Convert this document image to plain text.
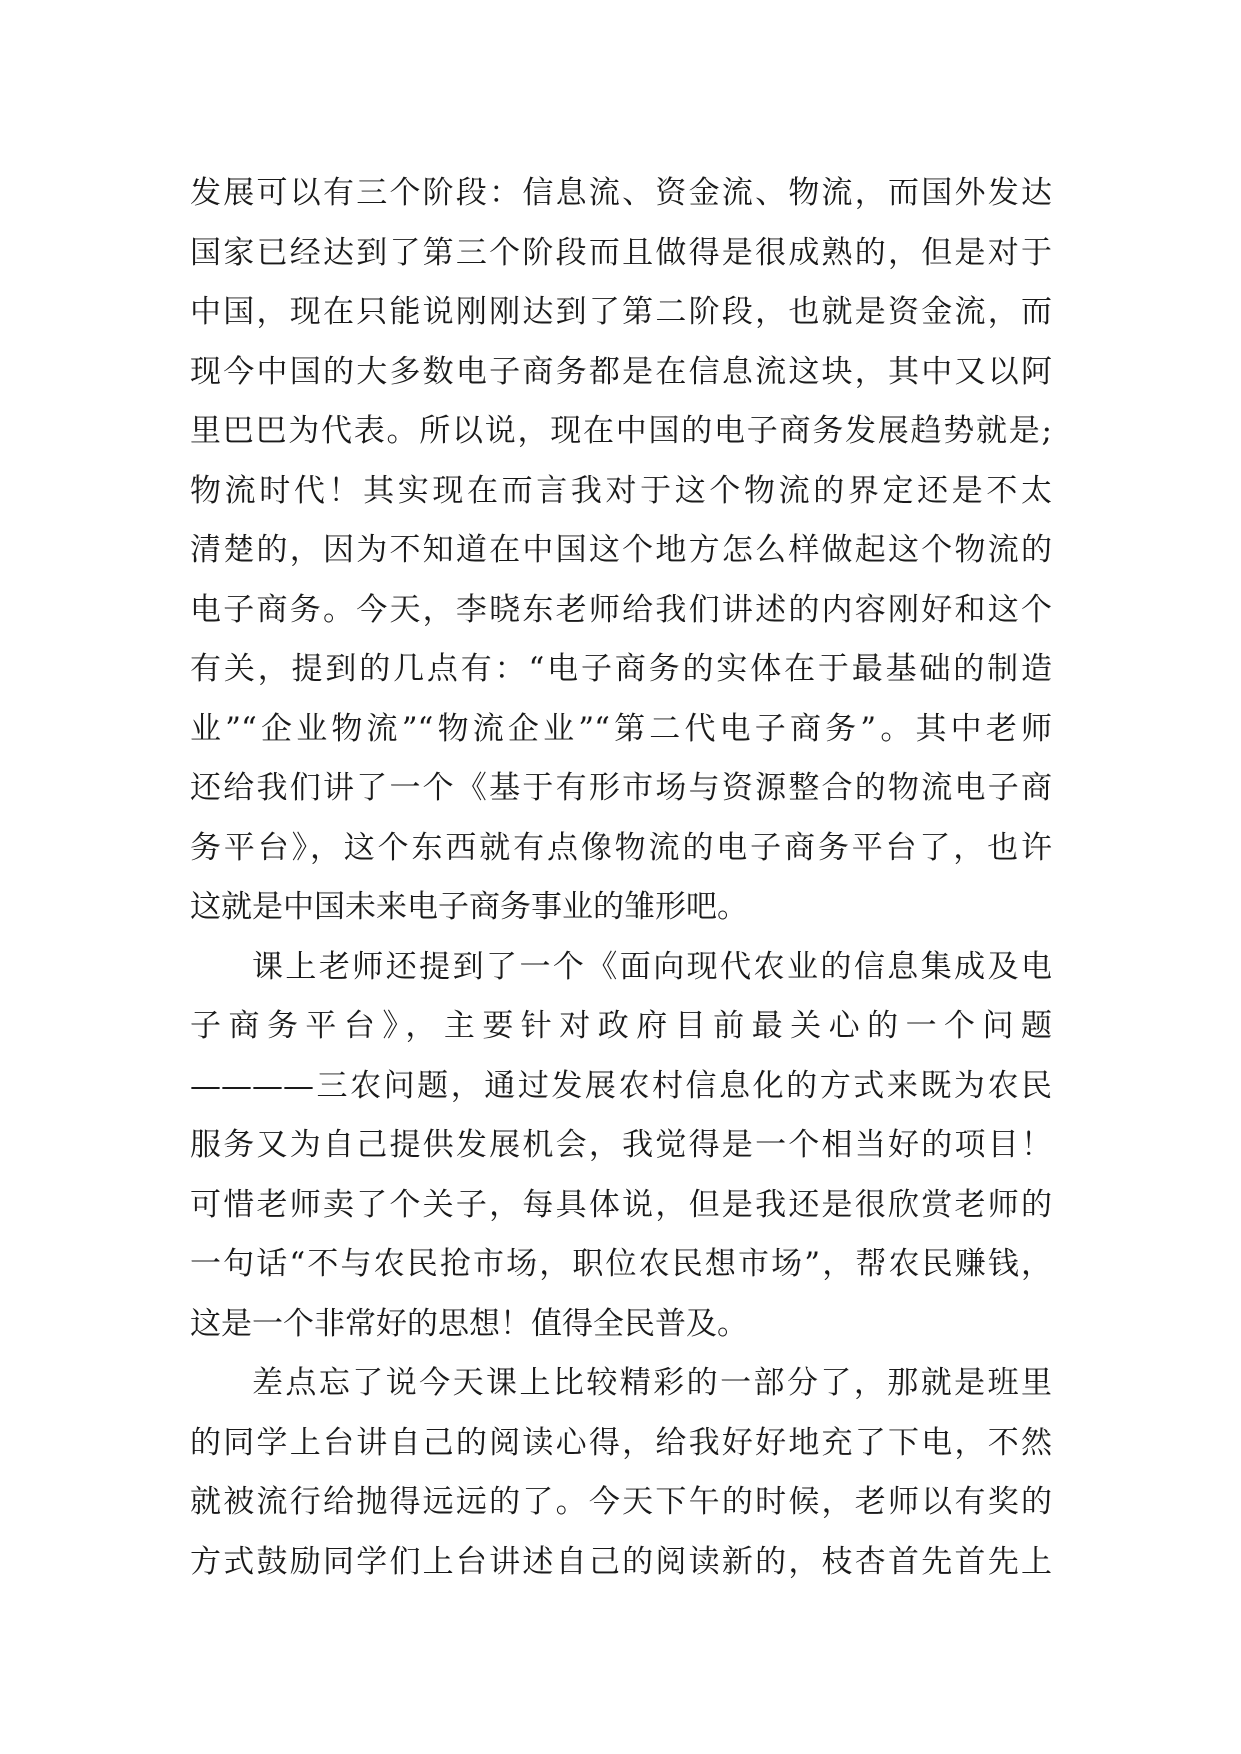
发展可以有三个阶段：信息流、资金流、物流，而国外发达
国家已经达到了第三个阶段而且做得是很成熟的，但是对于
中国，现在只能说刚刚达到了第二阶段，也就是资金流，而
现今中国的大多数电子商务都是在信息流这块，其中又以阿
里巴巴为代表。所以说，现在中国的电子商务发展趋势就是;
物流时代！其实现在而言我对于这个物流的界定还是不太
清楚的，因为不知道在中国这个地方怎么样做起这个物流的
电子商务。今天，李晓东老师给我们讲述的内容刚好和这个
有关，提到的几点有：“电子商务的实体在于最基础的制造
业”“企业物流”“物流企业”“第二代电子商务”。其中老师
还给我们讲了一个《基于有形市场与资源整合的物流电子商
务平台》，这个东西就有点像物流的电子商务平台了，也许
这就是中国未来电子商务事业的雏形吧。
课上老师还提到了一个《面向现代农业的信息集成及电
子商务平台》，主要针对政府目前最关心的一个问题
————三农问题，通过发展农村信息化的方式来既为农民
服务又为自己提供发展机会，我觉得是一个相当好的项目！
可惜老师卖了个关子，每具体说，但是我还是很欣赏老师的
一句话“不与农民抢市场，职位农民想市场”，帮农民赚钱，
这是一个非常好的思想！值得全民普及。
差点忘了说今天课上比较精彩的一部分了，那就是班里
的同学上台讲自己的阅读心得，给我好好地充了下电，不然
就被流行给抛得远远的了。今天下午的时候，老师以有奖的
方式鼓励同学们上台讲述自己的阅读新的，枝杏首先首先上
